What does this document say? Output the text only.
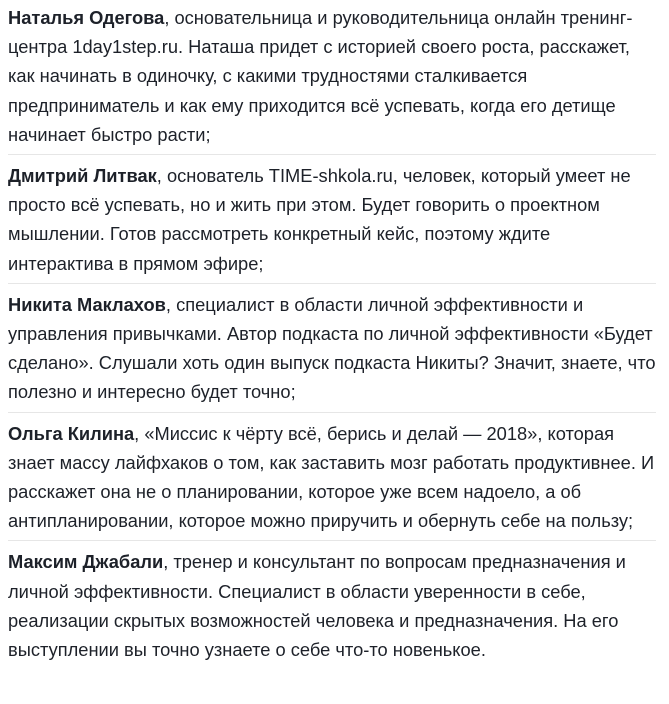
Наталья Одегова, основательница и руководительница онлайн тренинг-центра 1day1step.ru. Наташа придет с историей своего роста, расскажет, как начинать в одиночку, с какими трудностями сталкивается предприниматель и как ему приходится всё успевать, когда его детище начинает быстро расти;

Дмитрий Литвак, основатель TIME-shkola.ru, человек, который умеет не просто всё успевать, но и жить при этом. Будет говорить о проектном мышлении. Готов рассмотреть конкретный кейс, поэтому ждите интерактива в прямом эфире;

Никита Маклахов, специалист в области личной эффективности и управления привычками. Автор подкаста по личной эффективности «Будет сделано». Слушали хоть один выпуск подкаста Никиты? Значит, знаете, что полезно и интересно будет точно;

Ольга Килина, «Миссис к чёрту всё, берись и делай — 2018», которая знает массу лайфхаков о том, как заставить мозг работать продуктивнее. И расскажет она не о планировании, которое уже всем надоело, а об антипланировании, которое можно приручить и обернуть себе на пользу;

Максим Джабали, тренер и консультант по вопросам предназначения и личной эффективности. Специалист в области уверенности в себе, реализации скрытых возможностей человека и предназначения. На его выступлении вы точно узнаете о себе что-то новенькое.
